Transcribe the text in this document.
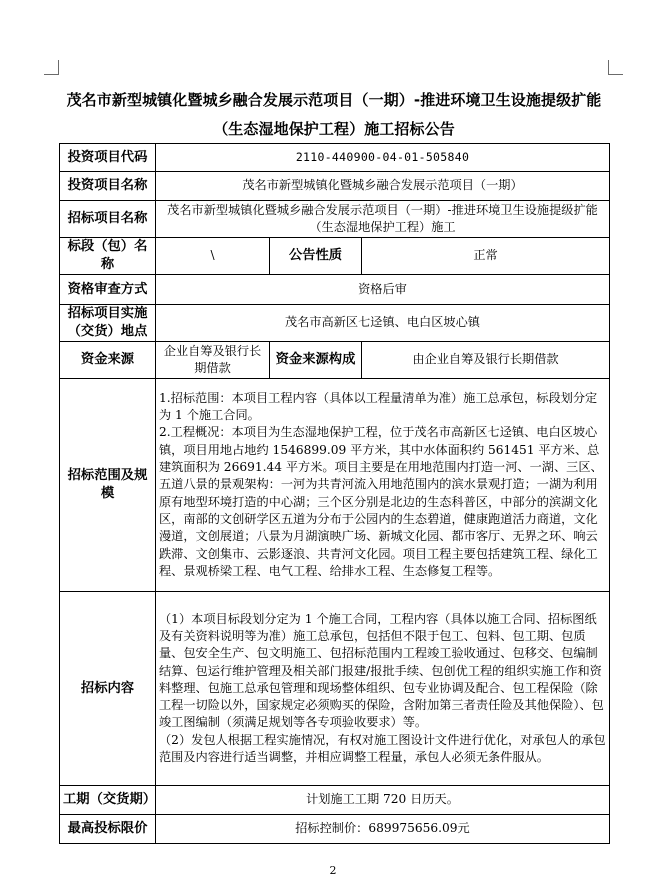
茂名市新型城镇化暨城乡融合发展示范项目（一期）-推进环境卫生设施提级扩能（生态湿地保护工程）施工招标公告
投资项目代码	2110-440900-04-01-505840		
投资项目名称	茂名市新型城镇化暨城乡融合发展示范项目（一期）		
招标项目名称	茂名市新型城镇化暨城乡融合发展示范项目（一期）-推进环境卫生设施提级扩能（生态湿地保护工程）施工		
标段（包）名称	\	公告性质	正常
资格审查方式	资格后审		
招标项目实施（交货）地点	茂名市高新区七迳镇、电白区坡心镇		
资金来源	企业自筹及银行长期借款	资金来源构成	由企业自筹及银行长期借款
招标范围及规模	1.招标范围：本项目工程内容（具体以工程量清单为准）施工总承包，标段划分定为 1 个施工合同。

2.工程概况：本项目为生态湿地保护工程，位于茂名市高新区七迳镇、电白区坡心镇，项目用地占地约 1546899.09 平方米，其中水体面积约 561451 平方米、总建筑面积为 26691.44 平方米。项目主要是在用地范围内打造一河、一湖、三区、五道八景的景观架构：一河为共青河流入用地范围内的滨水景观打造；一湖为利用原有地型环境打造的中心湖；三个区分别是北边的生态科普区，中部分的滨湖文化区，南部的文创研学区五道为分布于公园内的生态碧道，健康跑道活力商道，文化漫道，文创展道；八景为月湖演映广场、新城文化园、都市客厅、无界之环、响云跌滞、文创集市、云影逐浪、共青河文化园。项目工程主要包括建筑工程、绿化工程、景观桥梁工程、电气工程、给排水工程、生态修复工程等。		

招标内容	（1）本项目标段划分定为 1 个施工合同，工程内容（具体以施工合同、招标图纸及有关资料说明等为准）施工总承包，包括但不限于包工、包料、包工期、包质量、包安全生产、包文明施工、包招标范围内工程竣工验收通过、包移交、包编制结算、包运行维护管理及相关部门报建/报批手续、包创优工程的组织实施工作和资料整理、包施工总承包管理和现场整体组织、包专业协调及配合、包工程保险（除工程一切险以外，国家规定必须购买的保险，含附加第三者责任险及其他保险）、包竣工图编制（须满足规划等各专项验收要求）等。

（2）发包人根据工程实施情况，有权对施工图设计文件进行优化，对承包人的承包范围及内容进行适当调整，并相应调整工程量，承包人必须无条件服从。		

工期（交货期）	计划施工工期 720 日历天。		
最高投标限价	招标控制价：689975656.09元		
2
